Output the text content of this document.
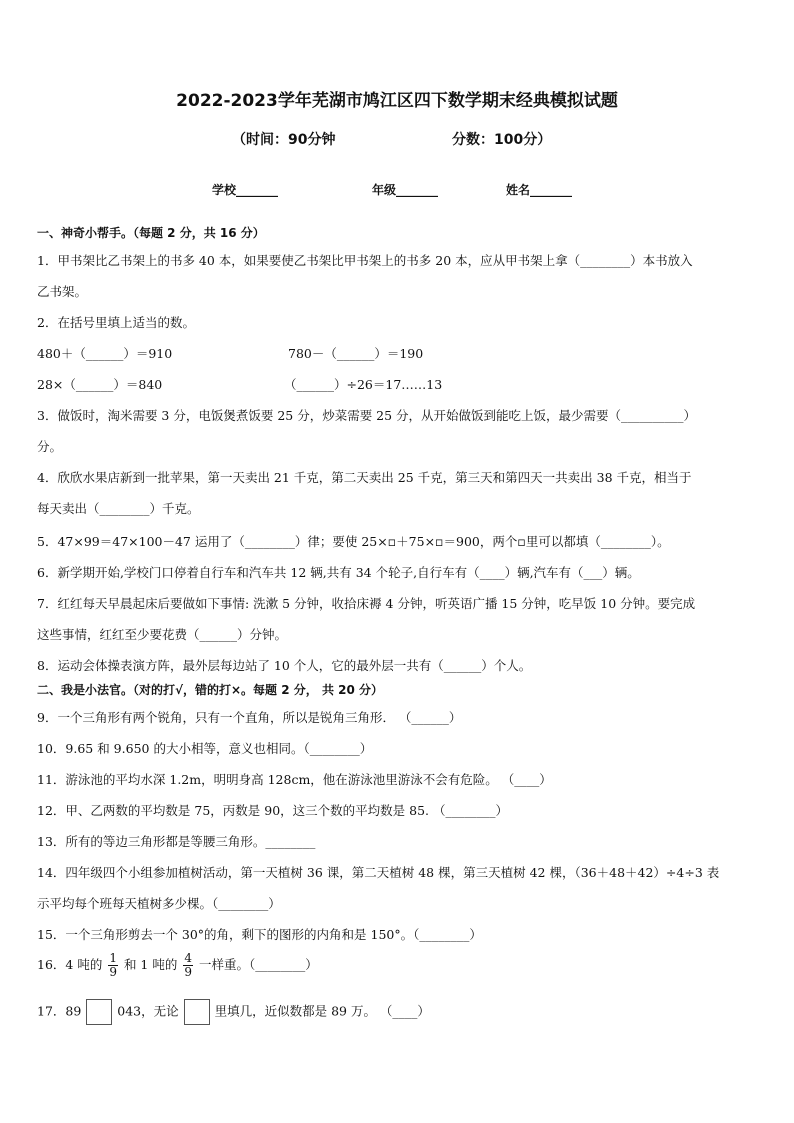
2022-2023学年芜湖市鸠江区四下数学期末经典模拟试题
（时间：90分钟	分数：100分）
学校_______	年级_______	姓名_______
一、神奇小帮手。（每题 2 分，共 16 分）
1．甲书架比乙书架上的书多 40 本，如果要使乙书架比甲书架上的书多 20 本，应从甲书架上拿（________）本书放入
乙书架。
2．在括号里填上适当的数。
480＋（______）＝910	780－（______）＝190
28×（______）＝840	（______）÷26＝17……13
3．做饭时，淘米需要 3 分，电饭煲煮饭要 25 分，炒菜需要 25 分，从开始做饭到能吃上饭，最少需要（__________）
分。
4．欣欣水果店新到一批苹果，第一天卖出 21 千克，第二天卖出 25 千克，第三天和第四天一共卖出 38 千克，相当于
每天卖出（________）千克。
5．47×99＝47×100－47 运用了（________）律；要使 25×▫＋75×▫＝900，两个▫里可以都填（________）。
6．新学期开始,学校门口停着自行车和汽车共 12 辆,共有 34 个轮子,自行车有（____）辆,汽车有（___）辆。
7．红红每天早晨起床后要做如下事情: 洗漱 5 分钟，收拾床褥 4 分钟，听英语广播 15 分钟，吃早饭 10 分钟。要完成
这些事情，红红至少要花费（______）分钟。
8．运动会体操表演方阵，最外层每边站了 10 个人，它的最外层一共有（______）个人。
二、我是小法官。（对的打√，错的打×。每题 2 分， 共 20 分）
9．一个三角形有两个锐角，只有一个直角，所以是锐角三角形． （______）
10．9.65 和 9.650 的大小相等，意义也相同。（________）
11．游泳池的平均水深 1.2m，明明身高 128cm，他在游泳池里游泳不会有危险。 （____）
12．甲、乙两数的平均数是 75，丙数是 90，这三个数的平均数是 85. （________）
13．所有的等边三角形都是等腰三角形。________
14．四年级四个小组参加植树活动，第一天植树 36 课，第二天植树 48 棵，第三天植树 42 棵，（36＋48＋42）÷4÷3 表
示平均每个班每天植树多少棵。（________）
15．一个三角形剪去一个 30°的角，剩下的图形的内角和是 150°。（________）
16．4 吨的 $\frac{1}{9}$ 和 1 吨的 $\frac{4}{9}$ 一样重。（________）
17．89	043，无论	里填几，近似数都是 89 万。 （____）
